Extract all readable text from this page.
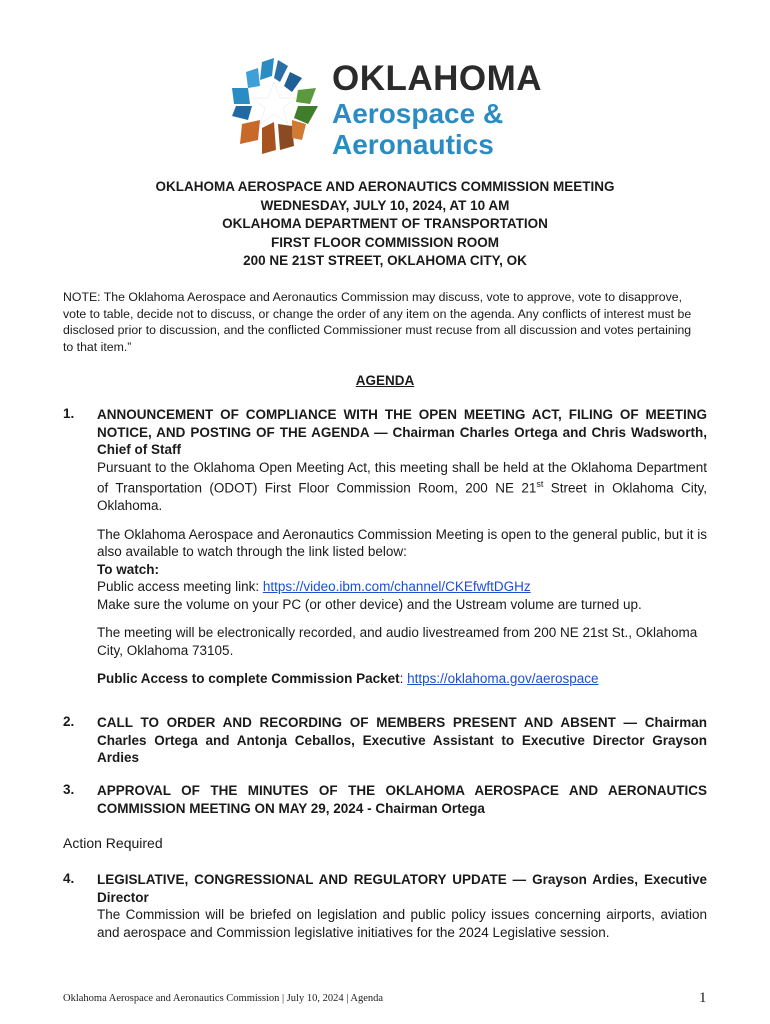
OKLAHOMA
Aerospace &
Aeronautics
OKLAHOMA AEROSPACE AND AERONAUTICS COMMISSION MEETING
WEDNESDAY, JULY 10, 2024, AT 10 AM
OKLAHOMA DEPARTMENT OF TRANSPORTATION
FIRST FLOOR COMMISSION ROOM
200 NE 21ST STREET, OKLAHOMA CITY, OK
NOTE: The Oklahoma Aerospace and Aeronautics Commission may discuss, vote to approve, vote to disapprove, vote to table, decide not to discuss, or change the order of any item on the agenda. Any conflicts of interest must be disclosed prior to discussion, and the conflicted Commissioner must recuse from all discussion and votes pertaining to that item.”
AGENDA
1. ANNOUNCEMENT OF COMPLIANCE WITH THE OPEN MEETING ACT, FILING OF MEETING NOTICE, AND POSTING OF THE AGENDA — Chairman Charles Ortega and Chris Wadsworth, Chief of Staff
Pursuant to the Oklahoma Open Meeting Act, this meeting shall be held at the Oklahoma Department of Transportation (ODOT) First Floor Commission Room, 200 NE 21st Street in Oklahoma City, Oklahoma.
The Oklahoma Aerospace and Aeronautics Commission Meeting is open to the general public, but it is also available to watch through the link listed below:
To watch:
Public access meeting link: https://video.ibm.com/channel/CKEfwftDGHz
Make sure the volume on your PC (or other device) and the Ustream volume are turned up.
The meeting will be electronically recorded, and audio livestreamed from 200 NE 21st St., Oklahoma City, Oklahoma 73105.
Public Access to complete Commission Packet: https://oklahoma.gov/aerospace
2. CALL TO ORDER AND RECORDING OF MEMBERS PRESENT AND ABSENT — Chairman Charles Ortega and Antonja Ceballos, Executive Assistant to Executive Director Grayson Ardies
3. APPROVAL OF THE MINUTES OF THE OKLAHOMA AEROSPACE AND AERONAUTICS COMMISSION MEETING ON MAY 29, 2024 - Chairman Ortega
Action Required
4. LEGISLATIVE, CONGRESSIONAL AND REGULATORY UPDATE — Grayson Ardies, Executive Director
The Commission will be briefed on legislation and public policy issues concerning airports, aviation and aerospace and Commission legislative initiatives for the 2024 Legislative session.
Oklahoma Aerospace and Aeronautics Commission | July 10, 2024 | Agenda	1
